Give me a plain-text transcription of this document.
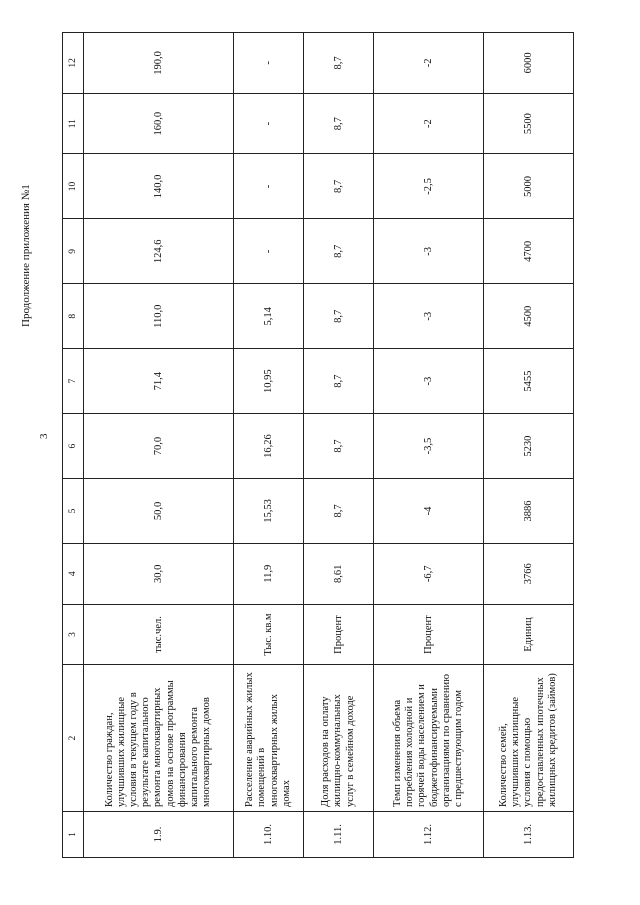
3
Продолжение приложения №1
1	2	3	4	5	6	7	8	9	10	11	12
1.9.	Количество граждан, улучшивших жилищные условия в текущем году в результате капитального ремонта многоквартирных домов на основе программы финансирования капитального ремонта многоквартирных домов	тыс.чел.	30,0	50,0	70,0	71,4	110,0	124,6	140,0	160,0	190,0
1.10.	Расселение аварийных жилых помещений в многоквартирных жилых домах	Тыс. кв.м	11,9	15,53	16,26	10,95	5,14	-	-	-	-
1.11.	Доля расходов на оплату жилищно-коммунальных услуг в семейном доходе	Процент	8,61	8,7	8,7	8,7	8,7	8,7	8,7	8,7	8,7
1.12.	Темп изменения объема потребления холодной и горячей воды населением и бюджетофинансируемыми организациями по сравнению с предшествующим годом	Процент	-6,7	-4	-3,5	-3	-3	-3	-2,5	-2	-2
1.13.	Количество семей, улучшивших жилищные условия с помощью предоставленных ипотечных жилищных кредитов (займов)	Единиц	3766	3886	5230	5455	4500	4700	5000	5500	6000
